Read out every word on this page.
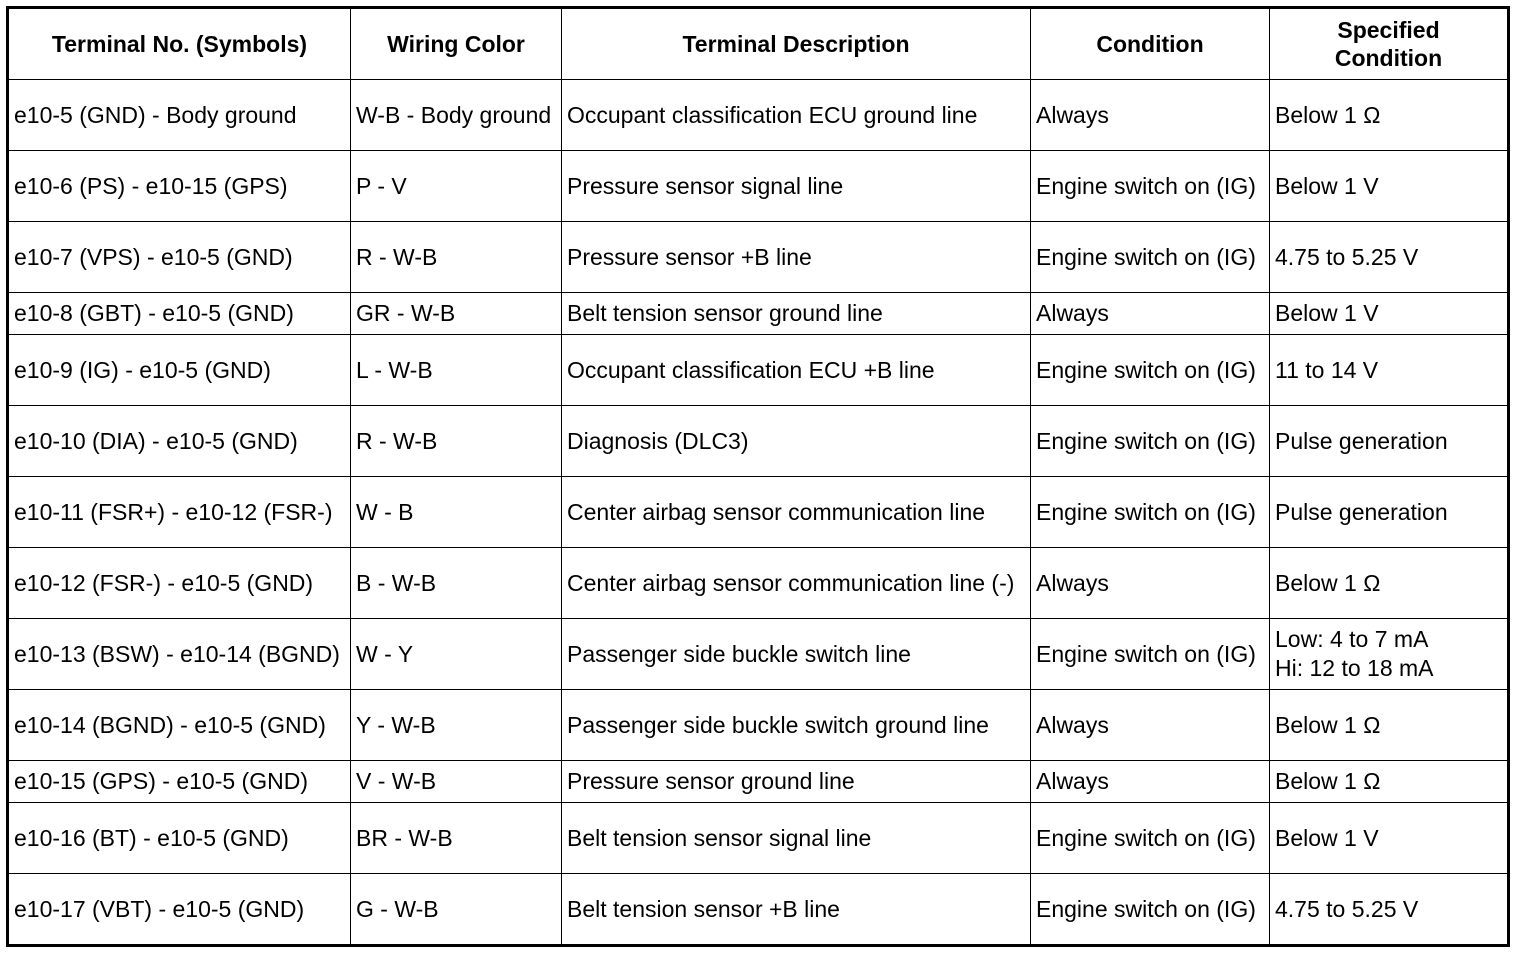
Terminal No. (Symbols)	Wiring Color	Terminal Description	Condition	Specified Condition
e10-5 (GND) - Body ground	W-B - Body ground	Occupant classification ECU ground line	Always	Below 1 Ω

e10-6 (PS) - e10-15 (GPS)	P - V	Pressure sensor signal line	Engine switch on (IG)	Below 1 V

e10-7 (VPS) - e10-5 (GND)	R - W-B	Pressure sensor +B line	Engine switch on (IG)	4.75 to 5.25 V

e10-8 (GBT) - e10-5 (GND)	GR - W-B	Belt tension sensor ground line	Always	Below 1 V

e10-9 (IG) - e10-5 (GND)	L - W-B	Occupant classification ECU +B line	Engine switch on (IG)	11 to 14 V

e10-10 (DIA) - e10-5 (GND)	R - W-B	Diagnosis (DLC3)	Engine switch on (IG)	Pulse generation

e10-11 (FSR+) - e10-12 (FSR-)	W - B	Center airbag sensor communication line	Engine switch on (IG)	Pulse generation

e10-12 (FSR-) - e10-5 (GND)	B - W-B	Center airbag sensor communication line (-)	Always	Below 1 Ω

e10-13 (BSW) - e10-14 (BGND)	W - Y	Passenger side buckle switch line	Engine switch on (IG)	Low: 4 to 7 mA
Hi: 12 to 18 mA

e10-14 (BGND) - e10-5 (GND)	Y - W-B	Passenger side buckle switch ground line	Always	Below 1 Ω

e10-15 (GPS) - e10-5 (GND)	V - W-B	Pressure sensor ground line	Always	Below 1 Ω

e10-16 (BT) - e10-5 (GND)	BR - W-B	Belt tension sensor signal line	Engine switch on (IG)	Below 1 V

e10-17 (VBT) - e10-5 (GND)	G - W-B	Belt tension sensor +B line	Engine switch on (IG)	4.75 to 5.25 V
